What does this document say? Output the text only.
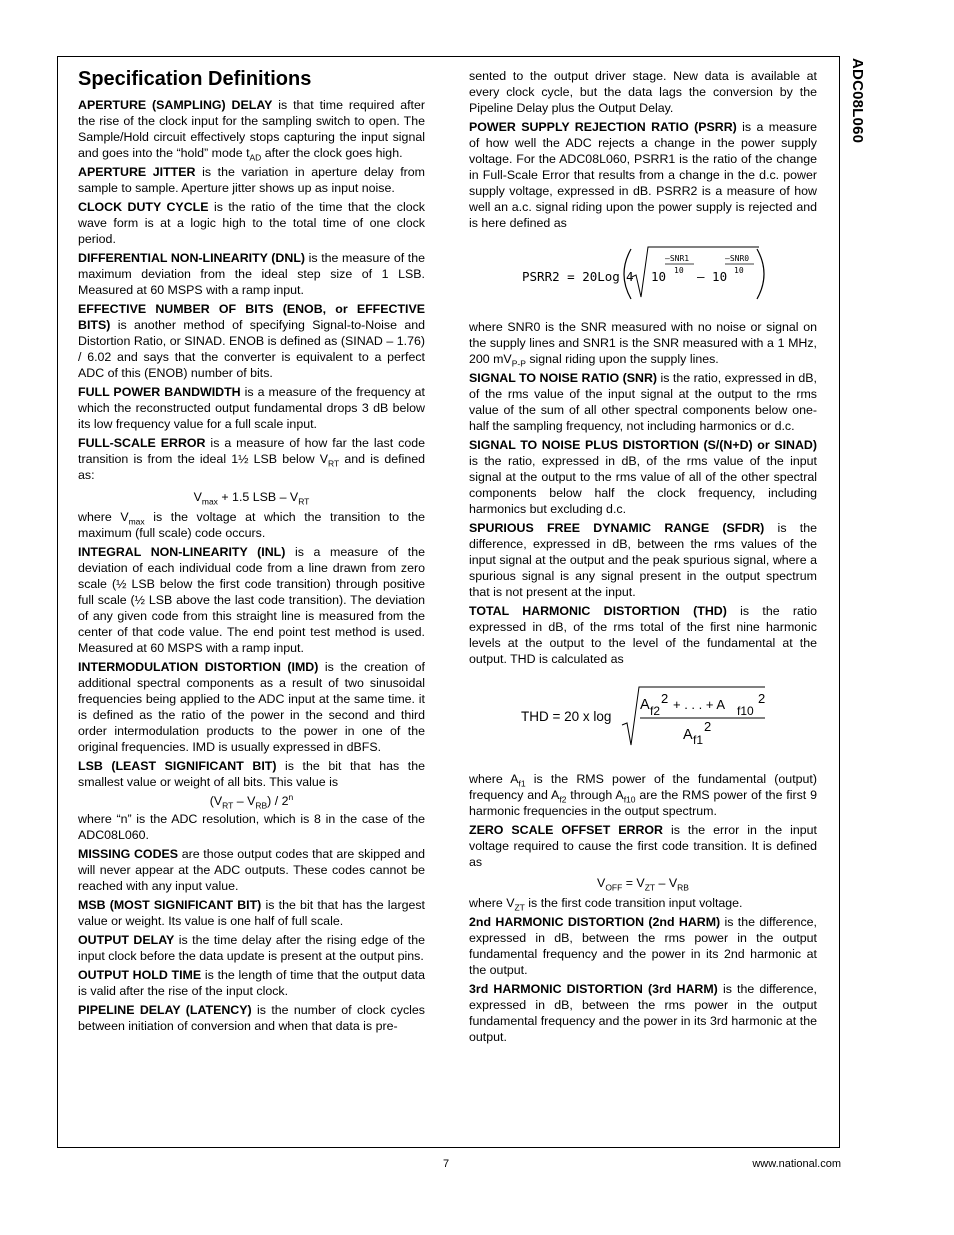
ADC08L060
Specification Definitions

APERTURE (SAMPLING) DELAY is that time required after the rise of the clock input for the sampling switch to open. The Sample/Hold circuit effectively stops capturing the input signal and goes into the “hold” mode $t_{AD}$ after the clock goes high.

APERTURE JITTER is the variation in aperture delay from sample to sample. Aperture jitter shows up as input noise.

CLOCK DUTY CYCLE is the ratio of the time that the clock wave form is at a logic high to the total time of one clock period.

DIFFERENTIAL NON-LINEARITY (DNL) is the measure of the maximum deviation from the ideal step size of 1 LSB. Measured at 60 MSPS with a ramp input.

EFFECTIVE NUMBER OF BITS (ENOB, or EFFECTIVE BITS) is another method of specifying Signal-to-Noise and Distortion Ratio, or SINAD. ENOB is defined as (SINAD – 1.76) / 6.02 and says that the converter is equivalent to a perfect ADC of this (ENOB) number of bits.

FULL POWER BANDWIDTH is a measure of the frequency at which the reconstructed output fundamental drops 3 dB below its low frequency value for a full scale input.

FULL-SCALE ERROR is a measure of how far the last code transition is from the ideal 1½ LSB below $V_{RT}$ and is defined as:

$V_{max} + 1.5$ LSB – $V_{RT}$

where $V_{max}$ is the voltage at which the transition to the maximum (full scale) code occurs.

INTEGRAL NON-LINEARITY (INL) is a measure of the deviation of each individual code from a line drawn from zero scale (½ LSB below the first code transition) through positive full scale (½ LSB above the last code transition). The deviation of any given code from this straight line is measured from the center of that code value. The end point test method is used. Measured at 60 MSPS with a ramp input.

INTERMODULATION DISTORTION (IMD) is the creation of additional spectral components as a result of two sinusoidal frequencies being applied to the ADC input at the same time. it is defined as the ratio of the power in the second and third order intermodulation products to the power in one of the original frequencies. IMD is usually expressed in dBFS.

LSB (LEAST SIGNIFICANT BIT) is the bit that has the smallest value or weight of all bits. This value is

$(V_{RT} - V_{RB}) / 2^n$

where “n” is the ADC resolution, which is 8 in the case of the ADC08L060.

MISSING CODES are those output codes that are skipped and will never appear at the ADC outputs. These codes cannot be reached with any input value.

MSB (MOST SIGNIFICANT BIT) is the bit that has the largest value or weight. Its value is one half of full scale.

OUTPUT DELAY is the time delay after the rising edge of the input clock before the data update is present at the output pins.

OUTPUT HOLD TIME is the length of time that the output data is valid after the rise of the input clock.

PIPELINE DELAY (LATENCY) is the number of clock cycles between initiation of conversion and when that data is pre-

sented to the output driver stage. New data is available at every clock cycle, but the data lags the conversion by the Pipeline Delay plus the Output Delay.

POWER SUPPLY REJECTION RATIO (PSRR) is a measure of how well the ADC rejects a change in the power supply voltage. For the ADC08L060, PSRR1 is the ratio of the change in Full-Scale Error that results from a change in the d.c. power supply voltage, expressed in dB. PSRR2 is a measure of how well an a.c. signal riding upon the power supply is rejected and is here defined as

PSRR2 = 20Log 4 10
–SNR1
10 – 10
–SNR0
10

where SNR0 is the SNR measured with no noise or signal on the supply lines and SNR1 is the SNR measured with a 1 MHz, 200 $mV_{P-P}$ signal riding upon the supply lines.

SIGNAL TO NOISE RATIO (SNR) is the ratio, expressed in dB, of the rms value of the input signal at the output to the rms value of the sum of all other spectral components below one-half the sampling frequency, not including harmonics or d.c.

SIGNAL TO NOISE PLUS DISTORTION (S/(N+D) or SINAD) is the ratio, expressed in dB, of the rms value of the input signal at the output to the rms value of all of the other spectral components below half the clock frequency, including harmonics but excluding d.c.

SPURIOUS FREE DYNAMIC RANGE (SFDR) is the difference, expressed in dB, between the rms values of the input signal at the output and the peak spurious signal, where a spurious signal is any signal present in the output spectrum that is not present at the input.

TOTAL HARMONIC DISTORTION (THD) is the ratio expressed in dB, of the rms total of the first nine harmonic levels at the output to the level of the fundamental at the output. THD is calculated as

THD = 20 x log
A f2
2 + . . . + A f10
2
A f1
2

where $A_{f1}$ is the RMS power of the fundamental (output) frequency and $A_{f2}$ through $A_{f10}$ are the RMS power of the first 9 harmonic frequencies in the output spectrum.

ZERO SCALE OFFSET ERROR is the error in the input voltage required to cause the first code transition. It is defined as

$V_{OFF} = V_{ZT} - V_{RB}$

where $V_{ZT}$ is the first code transition input voltage.

2nd HARMONIC DISTORTION (2nd HARM) is the difference, expressed in dB, between the rms power in the output fundamental frequency and the power in its 2nd harmonic at the output.

3rd HARMONIC DISTORTION (3rd HARM) is the difference, expressed in dB, between the rms power in the output fundamental frequency and the power in its 3rd harmonic at the output.

7	www.national.com
